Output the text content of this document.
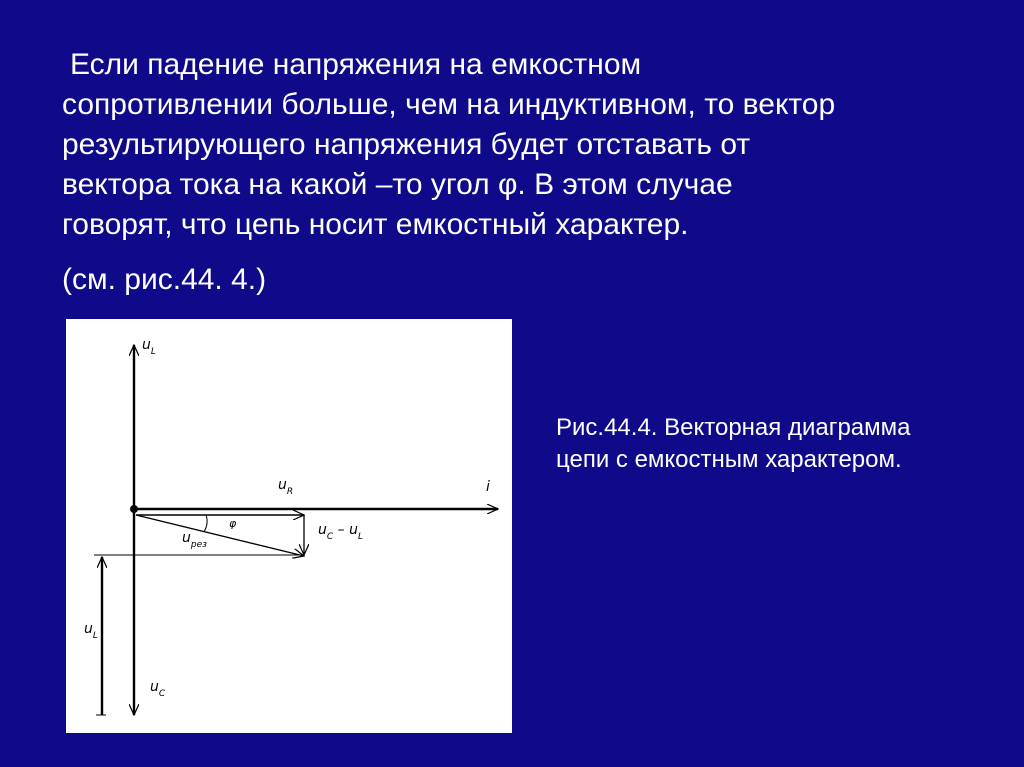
Если падение напряжения на емкостном
сопротивлении больше, чем на индуктивном, то вектор
результирующего напряжения будет отставать от
вектора тока на какой –то угол φ. В этом случае
говорят, что цепь носит емкостный характер.
(см. рис.44. 4.)
$u_L$
i
$u_R$
φ
$u_{рез}$
$u_C - u_L$
$u_L$
$u_C$
Рис.44.4. Векторная диаграмма
цепи с емкостным характером.
